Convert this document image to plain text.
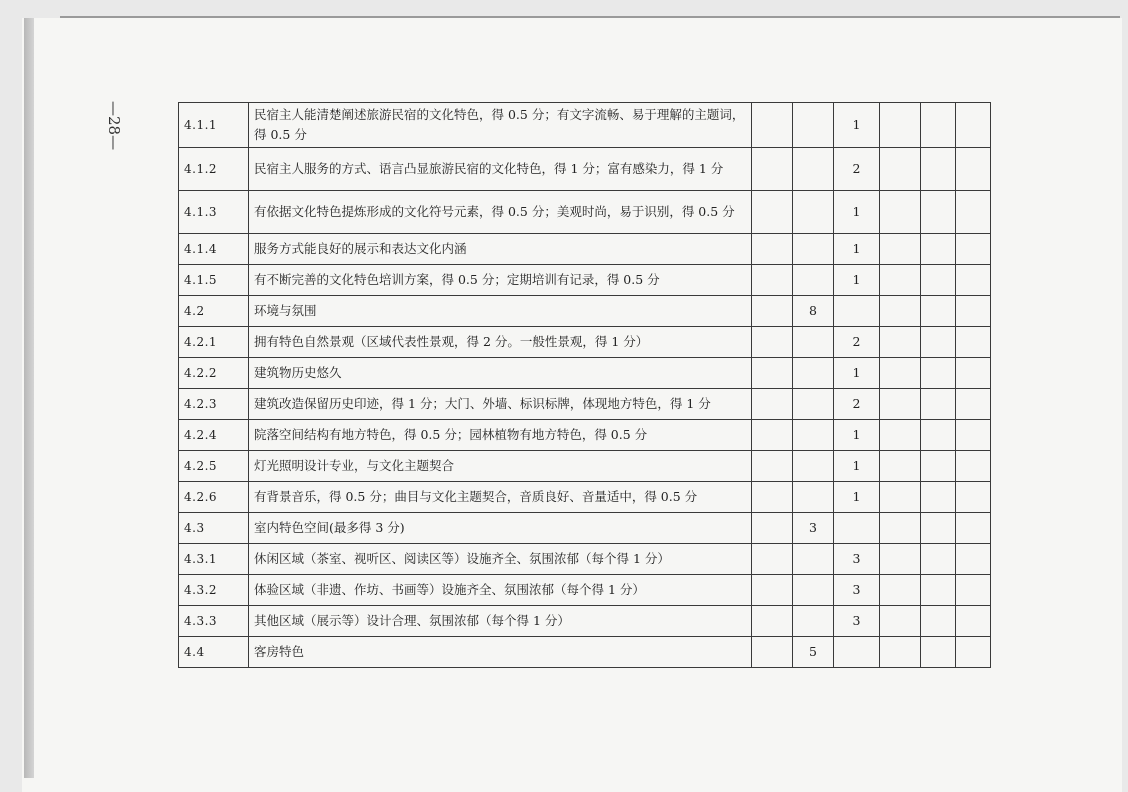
—28—	4.1.1	民宿主人能清楚阐述旅游民宿的文化特色，得 0.5 分；有文字流畅、易于理解的主题词，得 0.5 分			1			
4.1.2	民宿主人服务的方式、语言凸显旅游民宿的文化特色，得 1 分；富有感染力，得 1 分			2			
4.1.3	有依据文化特色提炼形成的文化符号元素，得 0.5 分；美观时尚，易于识别，得 0.5 分			1			
4.1.4	服务方式能良好的展示和表达文化内涵			1			
4.1.5	有不断完善的文化特色培训方案，得 0.5 分；定期培训有记录，得 0.5 分			1			
4.2	环境与氛围		8				
4.2.1	拥有特色自然景观（区域代表性景观，得 2 分。一般性景观，得 1 分）			2			
4.2.2	建筑物历史悠久			1			
4.2.3	建筑改造保留历史印迹，得 1 分；大门、外墙、标识标牌，体现地方特色，得 1 分			2			
4.2.4	院落空间结构有地方特色，得 0.5 分；园林植物有地方特色，得 0.5 分			1			
4.2.5	灯光照明设计专业，与文化主题契合			1			
4.2.6	有背景音乐，得 0.5 分；曲目与文化主题契合，音质良好、音量适中，得 0.5 分			1			
4.3	室内特色空间(最多得 3 分)		3				
4.3.1	休闲区域（茶室、视听区、阅读区等）设施齐全、氛围浓郁（每个得 1 分）			3			
4.3.2	体验区域（非遗、作坊、书画等）设施齐全、氛围浓郁（每个得 1 分）			3			
4.3.3	其他区域（展示等）设计合理、氛围浓郁（每个得 1 分）			3			
4.4	客房特色		5				
